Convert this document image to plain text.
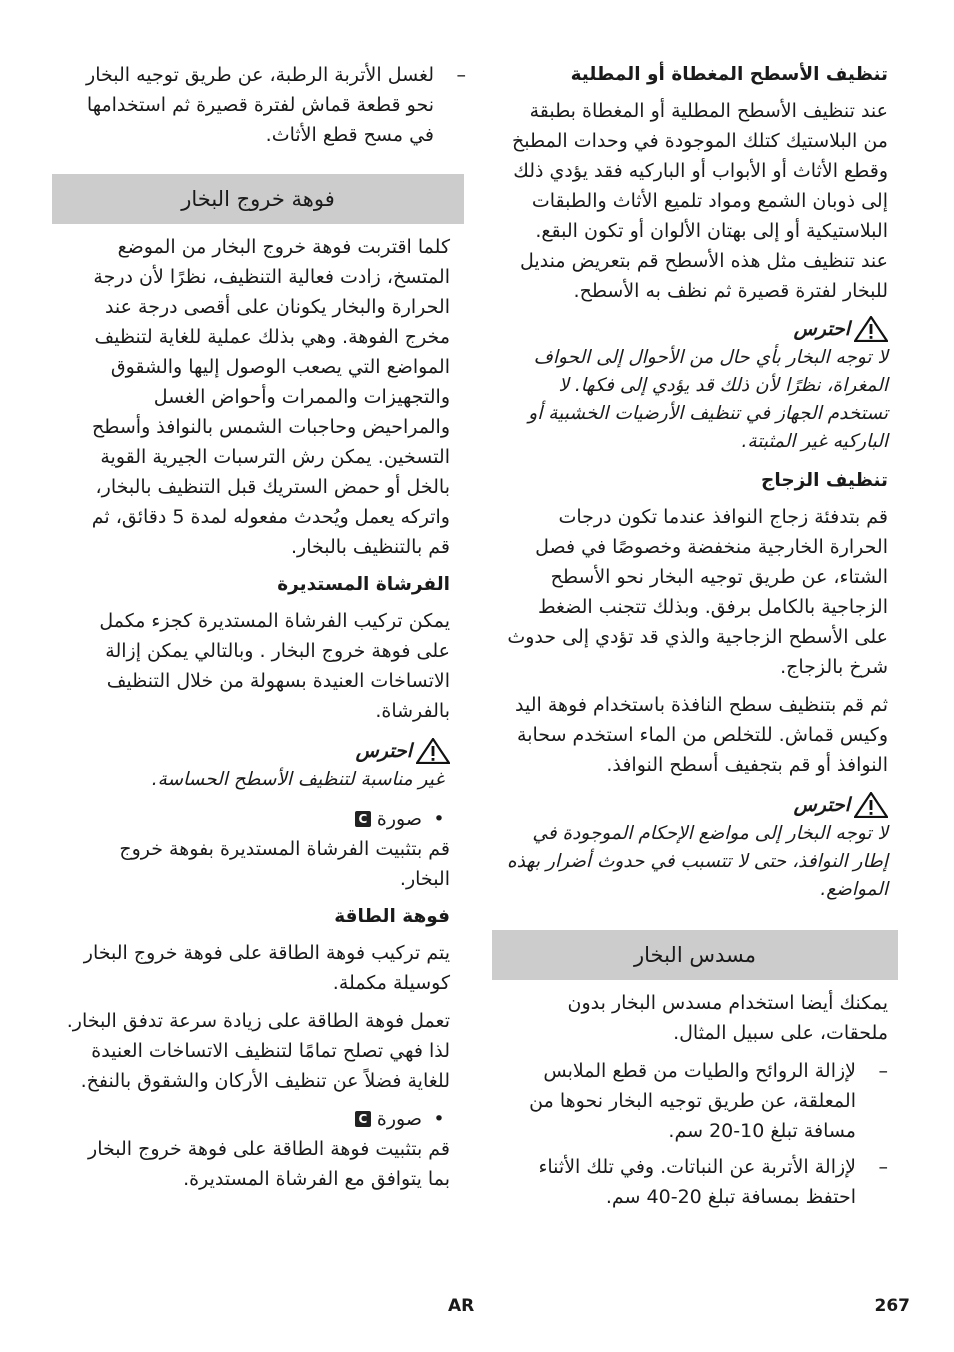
تنظيف الأسطح المغطاة أو المطلية

عند تنظيف الأسطح المطلية أو المغطاة بطبقة من البلاستيك كتلك الموجودة في وحدات المطبخ وقطع الأثاث أو الأبواب أو الباركيه فقد يؤدي ذلك إلى ذوبان الشمع ومواد تلميع الأثاث والطبقات البلاستيكية أو إلى بهتان الألوان أو تكون البقع. عند تنظيف مثل هذه الأسطح قم بتعريض منديل للبخار لفترة قصيرة ثم نظف به الأسطح.

احترس
لا توجه البخار بأي حال من الأحوال إلى الحواف المغراة، نظرًا لأن ذلك قد يؤدي إلى فكها. لا تستخدم الجهاز في تنظيف الأرضيات الخشبية أو الباركيه غير المثبتة.
تنظيف الزجاج

قم بتدفئة زجاج النوافذ عندما تكون درجات الحرارة الخارجية منخفضة وخصوصًا في فصل الشتاء، عن طريق توجيه البخار نحو الأسطح الزجاجية بالكامل برفق. وبذلك تتجنب الضغط على الأسطح الزجاجية والذي قد تؤدي إلى حدوث شرخ بالزجاج.

ثم قم بتنظيف سطح النافذة باستخدام فوهة اليد وكيس قماش. للتخلص من الماء استخدم سحابة النوافذ أو قم بتجفيف أسطح النوافذ.

احترس
لا توجه البخار إلى مواضع الإحكام الموجودة في إطار النوافذ، حتى لا تتسبب في حدوث أضرار بهذه المواضع.
مسدس البخار

يمكنك أيضا استخدام مسدس البخار بدون ملحقات، على سبيل المثال.

–
لإزالة الروائح والطيات من قطع الملابس المعلقة، عن طريق توجيه البخار نحوها من مسافة تبلغ 10-20 سم.
–
لإزالة الأتربة عن النباتات. وفي تلك الأثناء احتفظ بمسافة تبلغ 20-40 سم.
–
لغسل الأتربة الرطبة، عن طريق توجيه البخار نحو قطعة قماش لفترة قصيرة ثم استخدامها في مسح قطع الأثاث.
فوهة خروج البخار

كلما اقتربت فوهة خروج البخار من الموضع المتسخ، زادت فعالية التنظيف، نظرًا لأن درجة الحرارة والبخار يكونان على أقصى درجة عند مخرج الفوهة. وهي بذلك عملية للغاية لتنظيف المواضع التي يصعب الوصول إليها والشقوق والتجهيزات والممرات وأحواض الغسل والمراحيض وحاجبات الشمس بالنوافذ وأسطح التسخين. يمكن رش الترسبات الجيرية القوية بالخل أو حمض الستريك قبل التنظيف بالبخار، واتركه يعمل ويُحدث مفعوله لمدة 5 دقائق، ثم قم بالتنظيف بالبخار.

الفرشاة المستديرة

يمكن تركيب الفرشاة المستديرة كجزء مكمل على فوهة خروج البخار . وبالتالي يمكن إزالة الاتساخات العنيدة بسهولة من خلال التنظيف بالفرشاة.

احترس
غير مناسبة لتنظيف الأسطح الحساسة.
•
صورة
C

قم بتثبيت الفرشاة المستديرة بفوهة خروج البخار.

فوهة الطاقة

يتم تركيب فوهة الطاقة على فوهة خروج البخار كوسيلة مكملة.

تعمل فوهة الطاقة على زيادة سرعة تدفق البخار. لذا فهي تصلح تمامًا لتنظيف الاتساخات العنيدة للغاية فضلاً عن تنظيف الأركان والشقوق بالنفخ.

•
صورة
C

قم بتثبيت فوهة الطاقة على فوهة خروج البخار بما يتوافق مع الفرشاة المستديرة.

AR	267
